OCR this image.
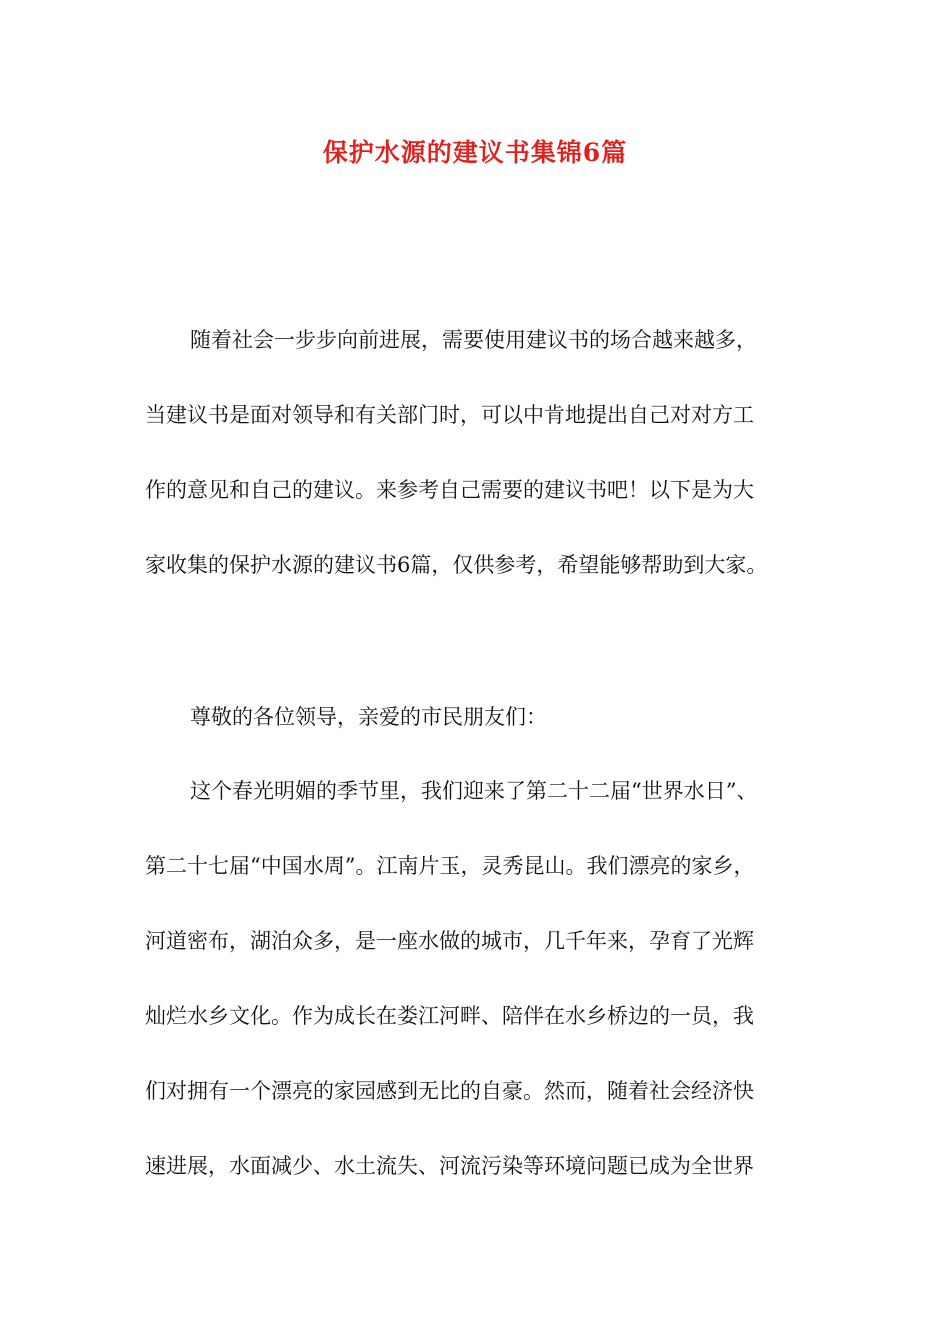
保护水源的建议书集锦6篇
随着社会一步步向前进展，需要使用建议书的场合越来越多，
当建议书是面对领导和有关部门时，可以中肯地提出自己对对方工
作的意见和自己的建议。来参考自己需要的建议书吧！以下是为大
家收集的保护水源的建议书6篇，仅供参考，希望能够帮助到大家。
尊敬的各位领导，亲爱的市民朋友们：
这个春光明媚的季节里，我们迎来了第二十二届“世界水日”、
第二十七届“中国水周”。江南片玉，灵秀昆山。我们漂亮的家乡，
河道密布，湖泊众多，是一座水做的城市，几千年来，孕育了光辉
灿烂水乡文化。作为成长在娄江河畔、陪伴在水乡桥边的一员，我
们对拥有一个漂亮的家园感到无比的自豪。然而，随着社会经济快
速进展，水面减少、水土流失、河流污染等环境问题已成为全世界
